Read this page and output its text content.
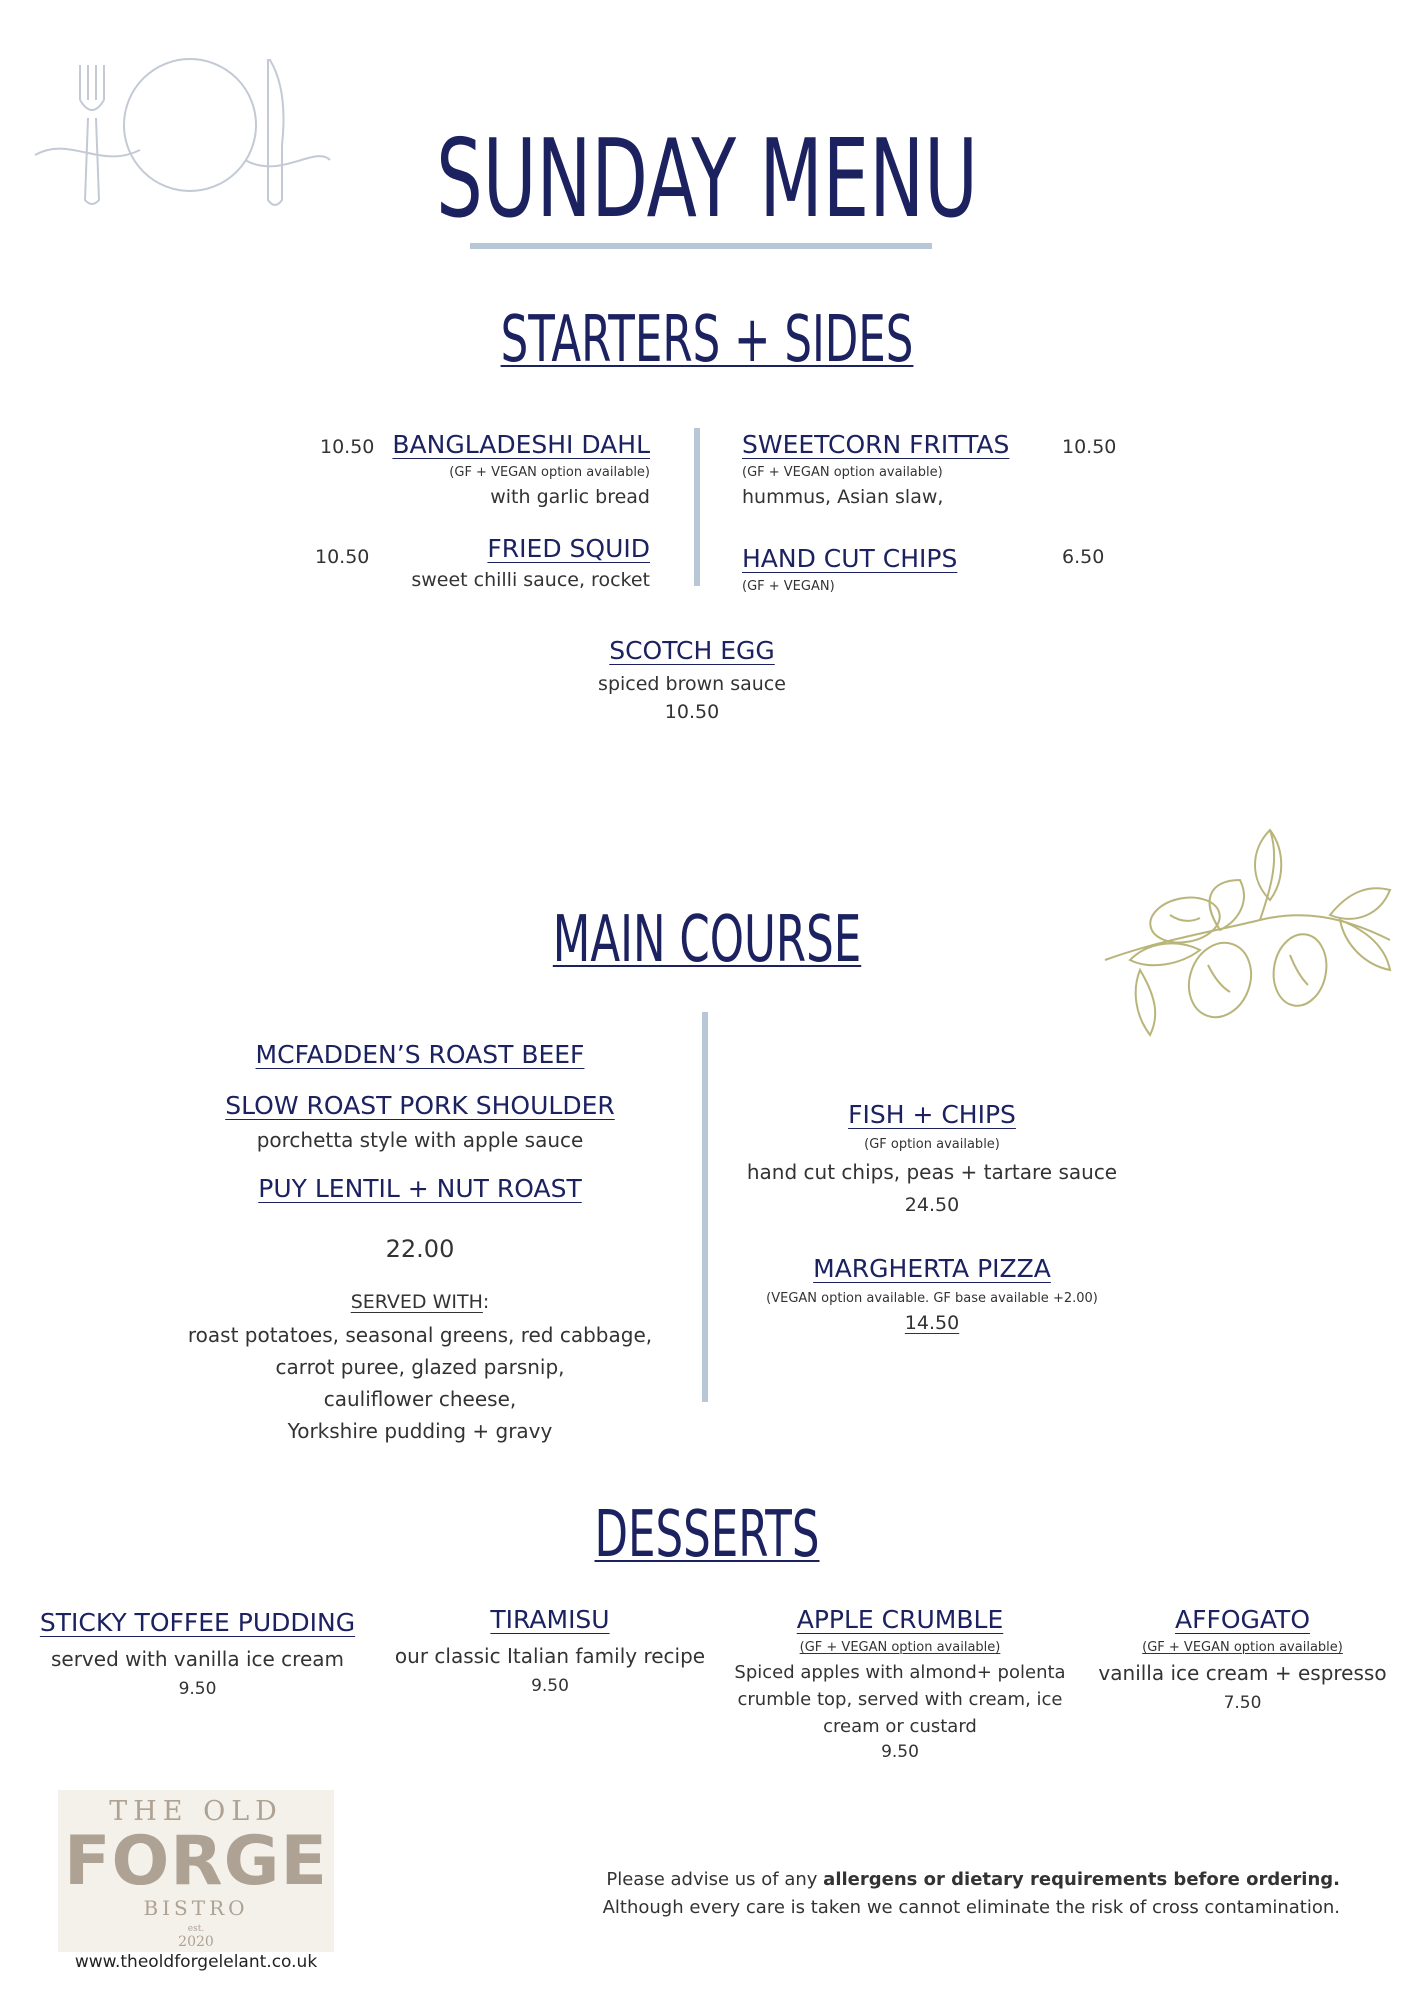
SUNDAY MENU
STARTERS + SIDES
10.50 BANGLADESHI DAHL
(GF + VEGAN option available)
with garlic bread
10.50	FRIED SQUID
sweet chilli sauce, rocket
SWEETCORN FRITTAS
(GF + VEGAN option available)
hummus, Asian slaw,
10.50
HAND CUT CHIPS
(GF + VEGAN)
6.50
SCOTCH EGG
spiced brown sauce
10.50
MAIN COURSE
MCFADDEN’S ROAST BEEF
SLOW ROAST PORK SHOULDER
porchetta style with apple sauce
PUY LENTIL + NUT ROAST
22.00
SERVED WITH:
roast potatoes, seasonal greens, red cabbage,
carrot puree, glazed parsnip,
cauliflower cheese,
Yorkshire pudding + gravy
FISH + CHIPS
(GF option available)
hand cut chips, peas + tartare sauce
24.50
MARGHERTA PIZZA
(VEGAN option available. GF base available +2.00)
14.50
DESSERTS
STICKY TOFFEE PUDDING
served with vanilla ice cream
9.50
TIRAMISU
our classic Italian family recipe
9.50
APPLE CRUMBLE
(GF + VEGAN option available)
Spiced apples with almond+ polenta
crumble top, served with cream, ice
cream or custard
9.50
AFFOGATO
(GF + VEGAN option available)
vanilla ice cream + espresso
7.50
THE OLD
FORGE
BISTRO
est.
2020
www.theoldforgelelant.co.uk
Please advise us of any allergens or dietary requirements before ordering.
Although every care is taken we cannot eliminate the risk of cross contamination.
